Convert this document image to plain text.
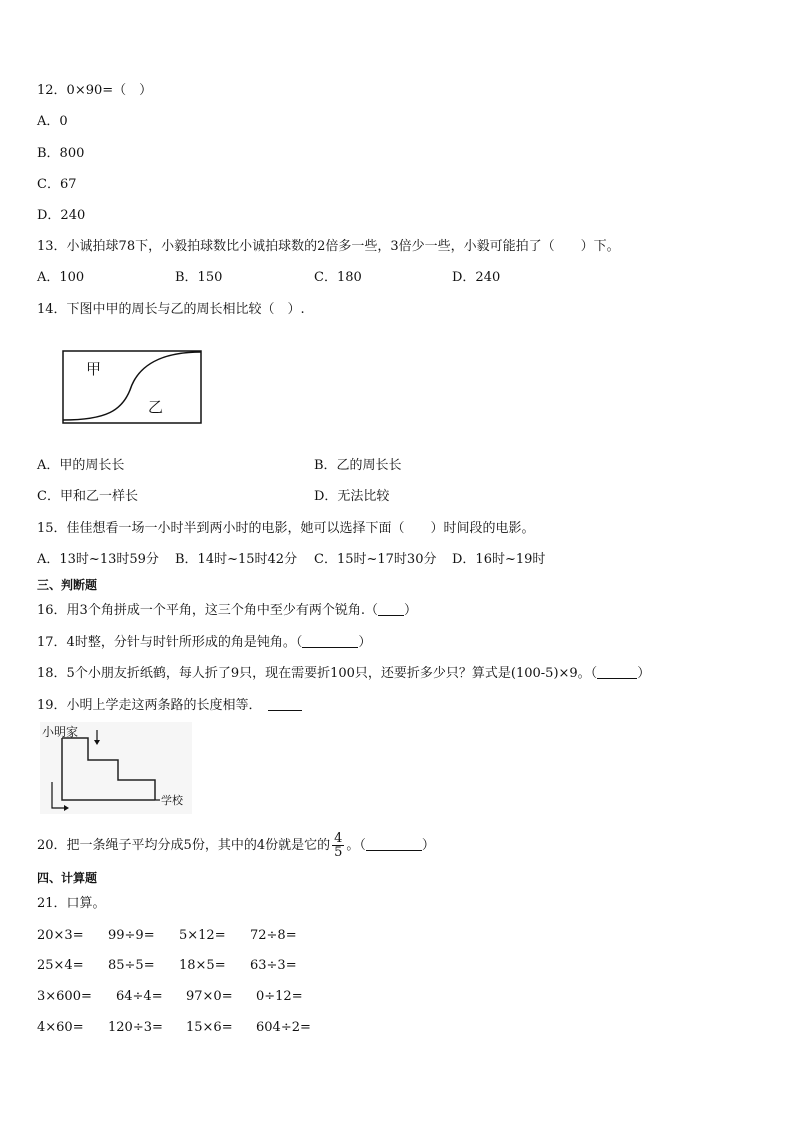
12．0×90=（　）
A．0
B．800
C．67
D．240
13．小诚拍球78下，小毅拍球数比小诚拍球数的2倍多一些，3倍少一些，小毅可能拍了（　　）下。
A．100	B．150	C．180	D．240
14．下图中甲的周长与乙的周长相比较（　）.
甲
乙
A．甲的周长长	B．乙的周长长
C．甲和乙一样长	D．无法比较
15．佳佳想看一场一小时半到两小时的电影，她可以选择下面（　　）时间段的电影。
A．13时~13时59分 B．14时~15时42分 C．15时~17时30分 D．16时~19时
三、判断题
16．用3个角拼成一个平角，这三个角中至少有两个锐角.（ ）
17．4时整，分针与时针所形成的角是钝角。（	）
18．5个小朋友折纸鹤，每人折了9只，现在需要折100只，还要折多少只？算式是(100-5)×9。（	）
19．小明上学走这两条路的长度相等．
小明家
学校
20．把一条绳子平均分成5份，其中的4份就是它的 $\frac{4}{5}$ 。（	）
四、计算题
21．口算。
20×3= 99÷9= 5×12= 72÷8=
25×4= 85÷5= 18×5= 63÷3=
3×600= 64÷4= 97×0= 0÷12=
4×60= 120÷3= 15×6= 604÷2=
